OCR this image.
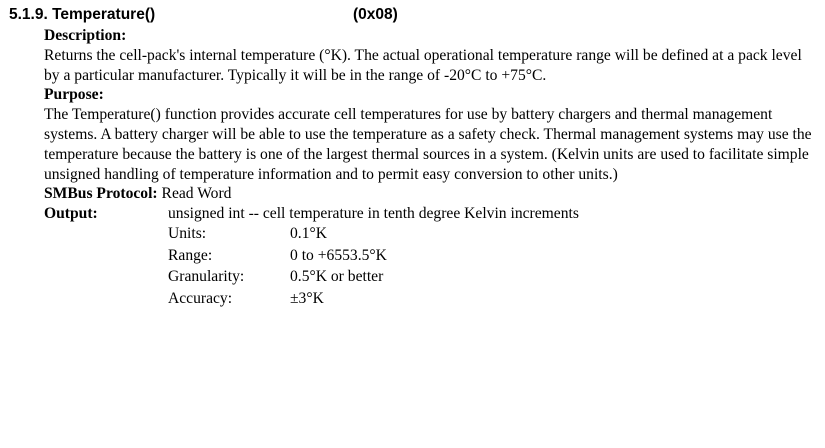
5.1.9. Temperature()	(0x08)
Description:
Returns the cell-pack's internal temperature (°K). The actual operational temperature range will be defined at a pack level by a particular manufacturer. Typically it will be in the range of -20°C to +75°C.
Purpose:
The Temperature() function provides accurate cell temperatures for use by battery chargers and thermal management systems. A battery charger will be able to use the temperature as a safety check. Thermal management systems may use the temperature because the battery is one of the largest thermal sources in a system. (Kelvin units are used to facilitate simple unsigned handling of temperature information and to permit easy conversion to other units.)
SMBus Protocol: Read Word
Output:	unsigned int -- cell temperature in tenth degree Kelvin increments
Units:	0.1°K
Range:	0 to +6553.5°K
Granularity:	0.5°K or better
Accuracy:	±3°K
